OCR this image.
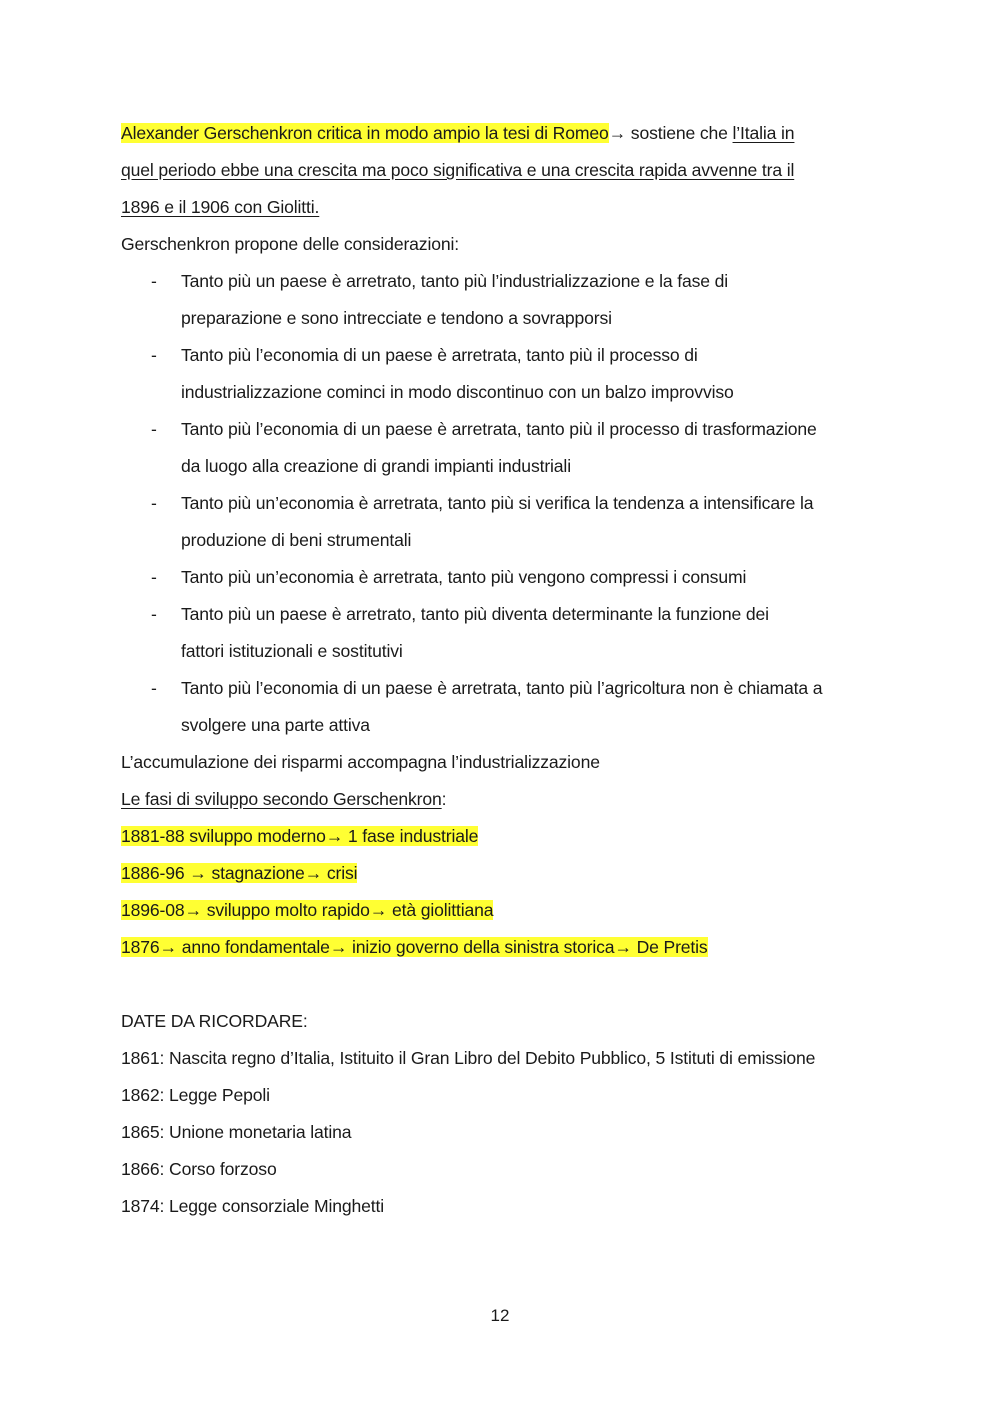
Alexander Gerschenkron critica in modo ampio la tesi di Romeo→ sostiene che l’Italia in
quel periodo ebbe una crescita ma poco significativa e una crescita rapida avvenne tra il
1896 e il 1906 con Giolitti.
Gerschenkron propone delle considerazioni:
- Tanto più un paese è arretrato, tanto più l’industrializzazione e la fase di
preparazione e sono intrecciate e tendono a sovrapporsi
- Tanto più l’economia di un paese è arretrata, tanto più il processo di
industrializzazione cominci in modo discontinuo con un balzo improvviso
- Tanto più l’economia di un paese è arretrata, tanto più il processo di trasformazione
da luogo alla creazione di grandi impianti industriali
- Tanto più un’economia è arretrata, tanto più si verifica la tendenza a intensificare la
produzione di beni strumentali
- Tanto più un’economia è arretrata, tanto più vengono compressi i consumi
- Tanto più un paese è arretrato, tanto più diventa determinante la funzione dei
fattori istituzionali e sostitutivi
- Tanto più l’economia di un paese è arretrata, tanto più l’agricoltura non è chiamata a
svolgere una parte attiva
L’accumulazione dei risparmi accompagna l’industrializzazione
Le fasi di sviluppo secondo Gerschenkron:
1881-88 sviluppo moderno→ 1 fase industriale
1886-96 → stagnazione→ crisi
1896-08→ sviluppo molto rapido→ età giolittiana
1876→ anno fondamentale→ inizio governo della sinistra storica→ De Pretis
DATE DA RICORDARE:
1861: Nascita regno d’Italia, Istituito il Gran Libro del Debito Pubblico, 5 Istituti di emissione
1862: Legge Pepoli
1865: Unione monetaria latina
1866: Corso forzoso
1874: Legge consorziale Minghetti
12
